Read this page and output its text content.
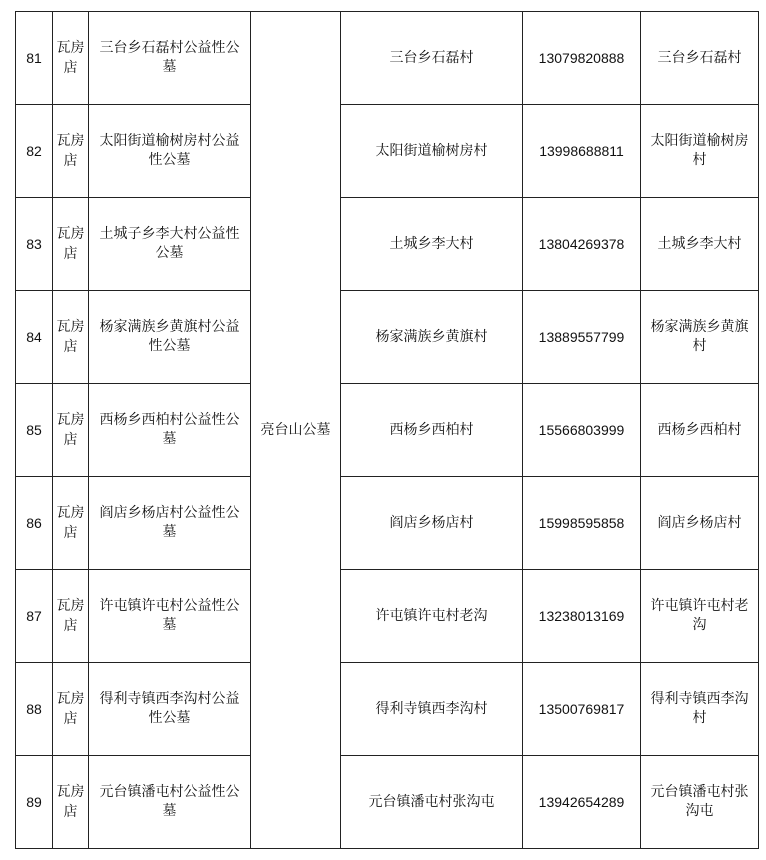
81	瓦房店	三台乡石磊村公益性公墓	亮台山公墓	三台乡石磊村	13079820888	三台乡石磊村
82	瓦房店	太阳街道榆树房村公益性公墓		太阳街道榆树房村	13998688811	太阳街道榆树房村
83	瓦房店	土城子乡李大村公益性公墓		土城乡李大村	13804269378	土城乡李大村
84	瓦房店	杨家满族乡黄旗村公益性公墓		杨家满族乡黄旗村	13889557799	杨家满族乡黄旗村
85	瓦房店	西杨乡西柏村公益性公墓		西杨乡西柏村	15566803999	西杨乡西柏村
86	瓦房店	阎店乡杨店村公益性公墓		阎店乡杨店村	15998595858	阎店乡杨店村
87	瓦房店	许屯镇许屯村公益性公墓		许屯镇许屯村老沟	13238013169	许屯镇许屯村老沟
88	瓦房店	得利寺镇西李沟村公益性公墓		得利寺镇西李沟村	13500769817	得利寺镇西李沟村
89	瓦房店	元台镇潘屯村公益性公墓		元台镇潘屯村张沟屯	13942654289	元台镇潘屯村张沟屯
